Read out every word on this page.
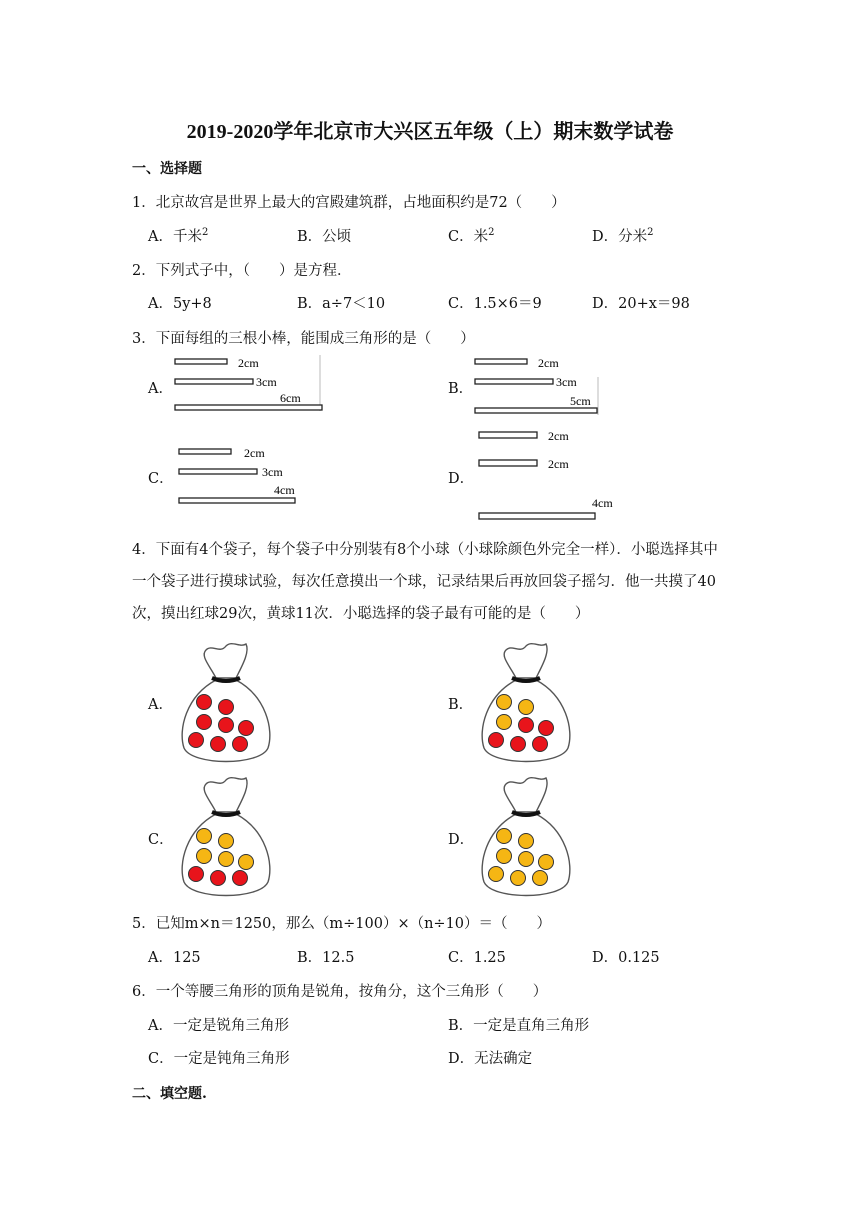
2019-2020学年北京市大兴区五年级（上）期末数学试卷
一、选择题
1．北京故宫是世界上最大的宫殿建筑群，占地面积约是72（　　）
A．千米$^2$	B．公顷	C．米$^2$	D．分米$^2$
2．下列式子中，（　　）是方程．
A．5y+8	B．a÷7＜10	C．1.5×6＝9	D．20+x＝98
3．下面每组的三根小棒，能围成三角形的是（　　）
A．	B．
C．	D．
2cm
3cm
6cm
2cm
3cm
5cm
2cm
3cm
4cm
2cm
2cm
4cm
4．下面有4个袋子，每个袋子中分别装有8个小球（小球除颜色外完全一样）．小聪选择其中一个袋子进行摸球试验，每次任意摸出一个球，记录结果后再放回袋子摇匀．他一共摸了40次，摸出红球29次，黄球11次．小聪选择的袋子最有可能的是（　　）
A．	B．
C．	D．
5．已知m×n＝1250，那么（m÷100）×（n÷10）＝（　　）
A．125	B．12.5	C．1.25	D．0.125
6．一个等腰三角形的顶角是锐角，按角分，这个三角形（　　）
A．一定是锐角三角形	B．一定是直角三角形
C．一定是钝角三角形	D．无法确定
二、填空题.
